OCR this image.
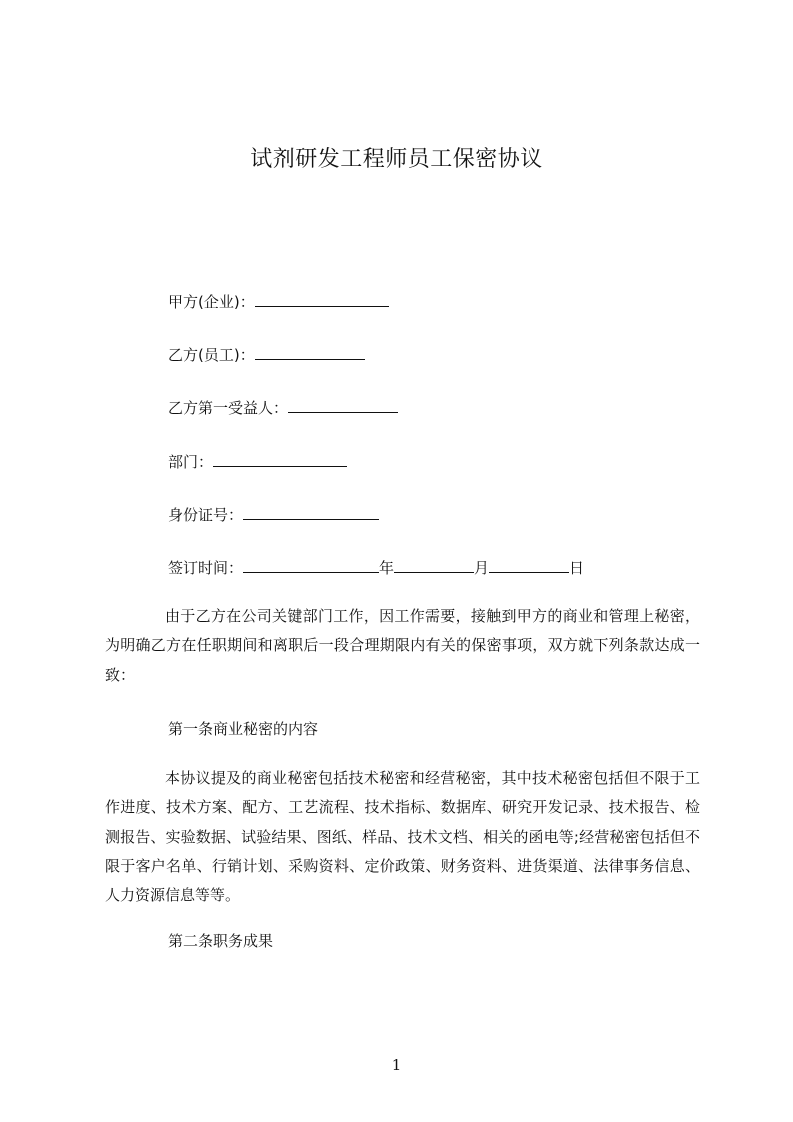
试剂研发工程师员工保密协议
甲方(企业)：
乙方(员工)：
乙方第一受益人：
部门：
身份证号：
签订时间：	年	月	日
由于乙方在公司关键部门工作，因工作需要，接触到甲方的商业和管理上秘密，为明确乙方在任职期间和离职后一段合理期限内有关的保密事项，双方就下列条款达成一致：
第一条商业秘密的内容
本协议提及的商业秘密包括技术秘密和经营秘密，其中技术秘密包括但不限于工作进度、技术方案、配方、工艺流程、技术指标、数据库、研究开发记录、技术报告、检测报告、实验数据、试验结果、图纸、样品、技术文档、相关的函电等;经营秘密包括但不限于客户名单、行销计划、采购资料、定价政策、财务资料、进货渠道、法律事务信息、人力资源信息等等。
第二条职务成果
1
